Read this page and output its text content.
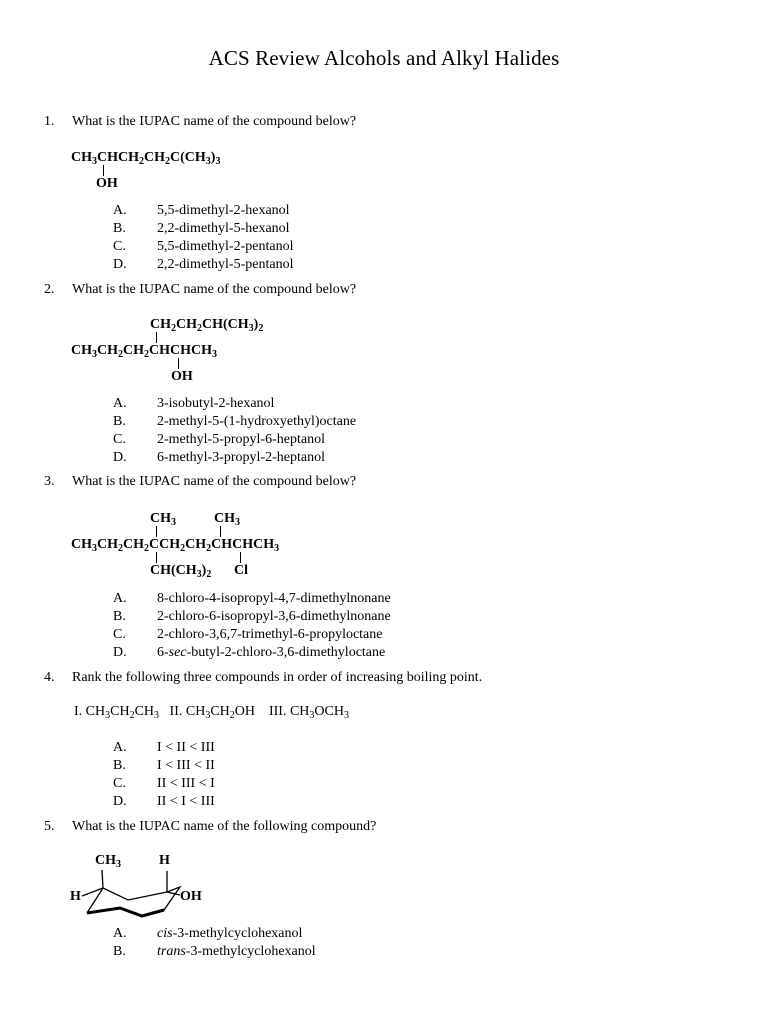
ACS Review Alcohols and Alkyl Halides
1. What is the IUPAC name of the compound below?
$CH_3CHCH_2CH_2C(CH_3)_3$
OH
A. 5,5-dimethyl-2-hexanol
B. 2,2-dimethyl-5-hexanol
C. 5,5-dimethyl-2-pentanol
D. 2,2-dimethyl-5-pentanol
2. What is the IUPAC name of the compound below?
$CH_2CH_2CH(CH_3)_2$
$CH_3CH_2CH_2CHCHCH_3$
OH
A. 3-isobutyl-2-hexanol
B. 2-methyl-5-(1-hydroxyethyl)octane
C. 2-methyl-5-propyl-6-heptanol
D. 6-methyl-3-propyl-2-heptanol
3. What is the IUPAC name of the compound below?
$CH_3$	$CH_3$
$CH_3CH_2CH_2CCH_2CH_2CHCHCH_3$
$CH(CH_3)_2$ Cl
A. 8-chloro-4-isopropyl-4,7-dimethylnonane
B. 2-chloro-6-isopropyl-3,6-dimethylnonane
C. 2-chloro-3,6,7-trimethyl-6-propyloctane
D. 6-sec-butyl-2-chloro-3,6-dimethyloctane
4. Rank the following three compounds in order of increasing boiling point.
I. $CH_3CH_2CH_3$   II. $CH_3CH_2OH$    III. $CH_3OCH_3$
A. I < II < III
B. I < III < II
C. II < III < I
D. II < I < III
5. What is the IUPAC name of the following compound?
$CH_3$	H
H	OH
A. cis-3-methylcyclohexanol
B. trans-3-methylcyclohexanol
